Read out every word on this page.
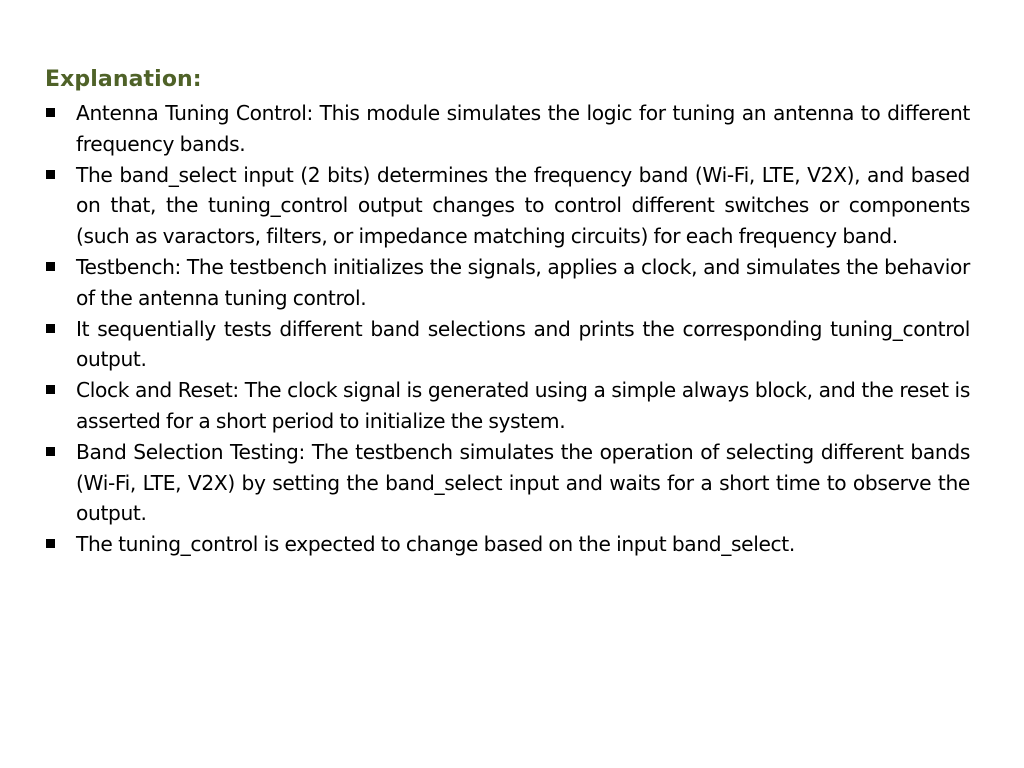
Explanation:
Antenna Tuning Control: This module simulates the logic for tuning an antenna to different frequency bands.
The band_select input (2 bits) determines the frequency band (Wi-Fi, LTE, V2X), and based on that, the tuning_control output changes to control different switches or components (such as varactors, filters, or impedance matching circuits) for each frequency band.
Testbench: The testbench initializes the signals, applies a clock, and simulates the behavior of the antenna tuning control.
It sequentially tests different band selections and prints the corresponding tuning_control output.
Clock and Reset: The clock signal is generated using a simple always block, and the reset is asserted for a short period to initialize the system.
Band Selection Testing: The testbench simulates the operation of selecting different bands (Wi-Fi, LTE, V2X) by setting the band_select input and waits for a short time to observe the output.
The tuning_control is expected to change based on the input band_select.
